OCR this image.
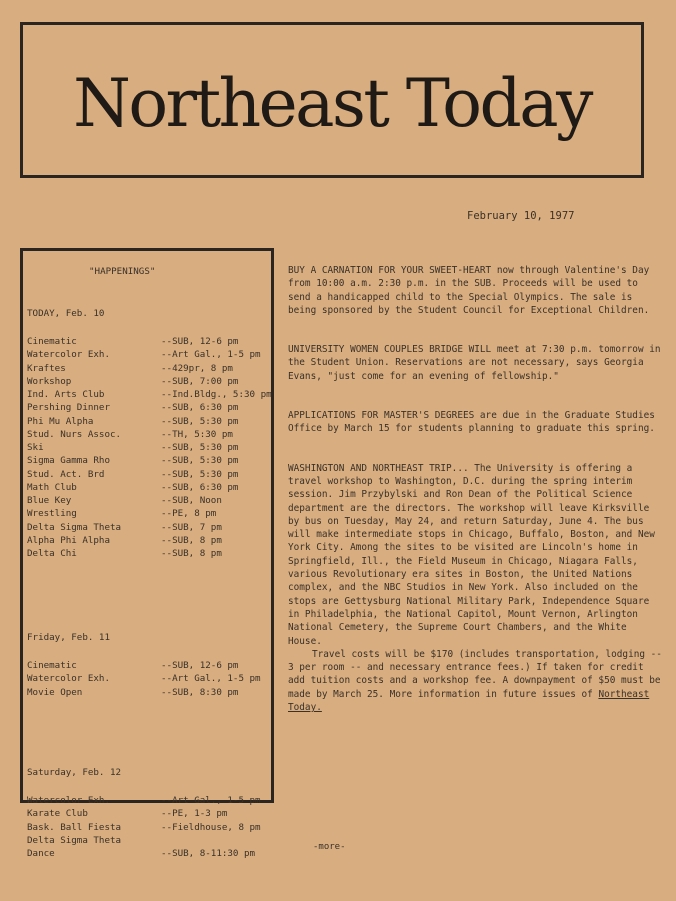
Northeast Today
February 10, 1977
"HAPPENINGS"
TODAY, Feb. 10
Cinematic	--SUB, 12-6 pm
Watercolor Exh.	--Art Gal., 1-5 pm
Kraftes	--429pr, 8 pm
Workshop	--SUB, 7:00 pm
Ind. Arts Club	--Ind.Bldg., 5:30 pm
Pershing Dinner	--SUB, 6:30 pm
Phi Mu Alpha	--SUB, 5:30 pm
Stud. Nurs Assoc.	--TH, 5:30 pm
Ski	--SUB, 5:30 pm
Sigma Gamma Rho	--SUB, 5:30 pm
Stud. Act. Brd	--SUB, 5:30 pm
Math Club	--SUB, 6:30 pm
Blue Key	--SUB, Noon
Wrestling	--PE, 8 pm
Delta Sigma Theta	--SUB, 7 pm
Alpha Phi Alpha	--SUB, 8 pm
Delta Chi	--SUB, 8 pm
Friday, Feb. 11
Cinematic	--SUB, 12-6 pm
Watercolor Exh.	--Art Gal., 1-5 pm
Movie Open	--SUB, 8:30 pm
Saturday, Feb. 12
Watercolor Exh.	--Art Gal., 1-5 pm
Karate Club	--PE, 1-3 pm
Bask. Ball Fiesta	--Fieldhouse, 8 pm
Delta Sigma Theta
Dance	--SUB, 8-11:30 pm

BUY A CARNATION FOR YOUR SWEET-HEART now through Valentine's Day from 10:00 a.m. 2:30 p.m. in the SUB. Proceeds will be used to send a handicapped child to the Special Olympics. The sale is being sponsored by the Student Council for Exceptional Children.

UNIVERSITY WOMEN COUPLES BRIDGE WILL meet at 7:30 p.m. tomorrow in the Student Union. Reservations are not necessary, says Georgia Evans, "just come for an evening of fellowship."

APPLICATIONS FOR MASTER'S DEGREES are due in the Graduate Studies Office by March 15 for students planning to graduate this spring.

WASHINGTON AND NORTHEAST TRIP... The University is offering a travel workshop to Washington, D.C. during the spring interim session. Jim Przybylski and Ron Dean of the Political Science department are the directors. The workshop will leave Kirksville by bus on Tuesday, May 24, and return Saturday, June 4. The bus will make intermediate stops in Chicago, Buffalo, Boston, and New York City. Among the sites to be visited are Lincoln's home in Springfield, Ill., the Field Museum in Chicago, Niagara Falls, various Revolutionary era sites in Boston, the United Nations complex, and the NBC Studios in New York. Also included on the stops are Gettysburg National Military Park, Independence Square in Philadelphia, the National Capitol, Mount Vernon, Arlington National Cemetery, the Supreme Court Chambers, and the White House.
Travel costs will be $170 (includes transportation, lodging -- 3 per room -- and necessary entrance fees.) If taken for credit add tuition costs and a workshop fee. A downpayment of $50 must be made by March 25. More information in future issues of Northeast Today.

-more-
